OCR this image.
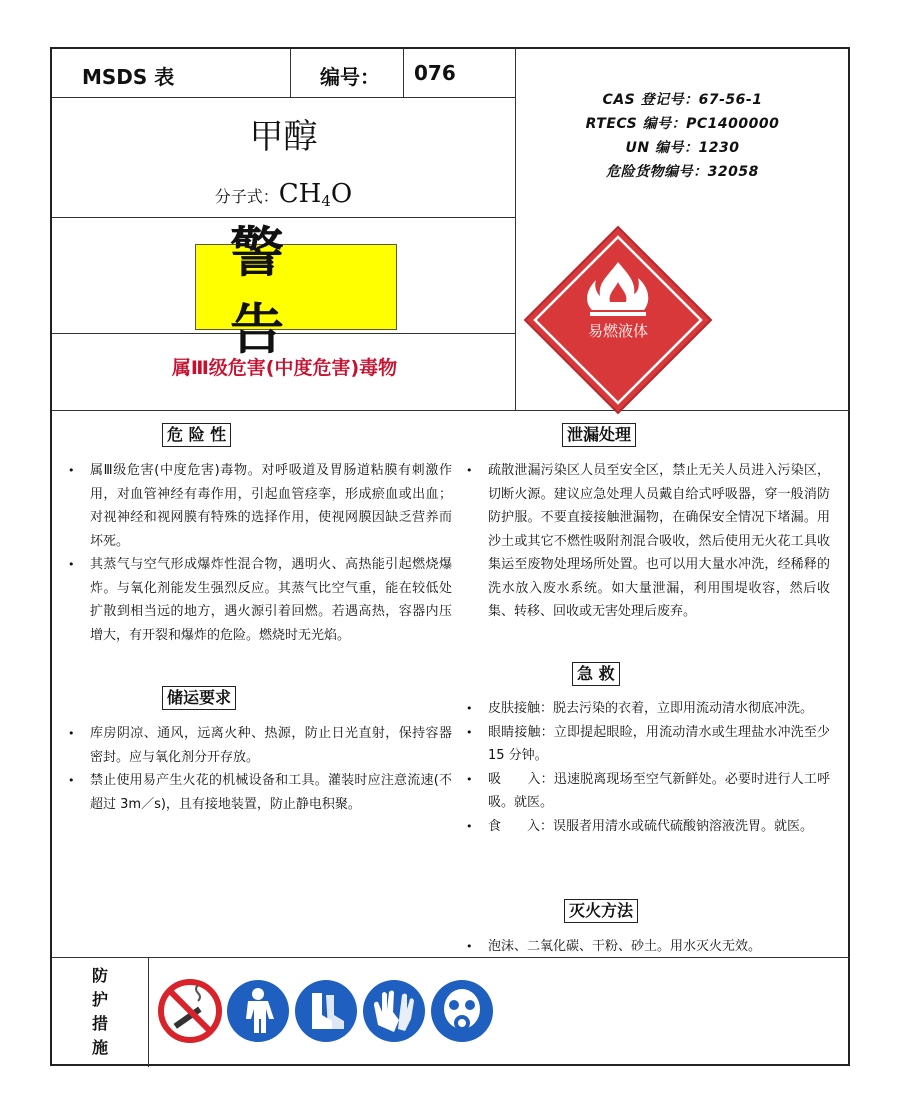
MSDS 表	编号： 076
甲醇
分子式：$CH_4O$
CAS 登记号：67-56-1
RTECS 编号：PC1400000
UN 编号：1230
危险货物编号：32058
警告
属Ⅲ级危害(中度危害)毒物
易燃液体
危 险 性
• 属Ⅲ级危害(中度危害)毒物。对呼吸道及胃肠道粘膜有刺激作用，对血管神经有毒作用，引起血管痉挛，形成瘀血或出血；对视神经和视网膜有特殊的选择作用，使视网膜因缺乏营养而坏死。
• 其蒸气与空气形成爆炸性混合物，遇明火、高热能引起燃烧爆炸。与氧化剂能发生强烈反应。其蒸气比空气重，能在较低处扩散到相当远的地方，遇火源引着回燃。若遇高热，容器内压增大，有开裂和爆炸的危险。燃烧时无光焰。
储运要求
• 库房阴凉、通风，远离火种、热源，防止日光直射，保持容器密封。应与氧化剂分开存放。
• 禁止使用易产生火花的机械设备和工具。灌装时应注意流速(不超过 3m／s)，且有接地装置，防止静电积聚。
泄漏处理
• 疏散泄漏污染区人员至安全区，禁止无关人员进入污染区，切断火源。建议应急处理人员戴自给式呼吸器，穿一般消防防护服。不要直接接触泄漏物，在确保安全情况下堵漏。用沙土或其它不燃性吸附剂混合吸收，然后使用无火花工具收集运至废物处理场所处置。也可以用大量水冲洗，经稀释的洗水放入废水系统。如大量泄漏，利用围堤收容，然后收集、转移、回收或无害处理后废弃。
急 救
• 皮肤接触：脱去污染的衣着，立即用流动清水彻底冲洗。
• 眼睛接触：立即提起眼睑，用流动清水或生理盐水冲洗至少 15 分钟。
• 吸　　入：迅速脱离现场至空气新鲜处。必要时进行人工呼吸。就医。
• 食　　入：误服者用清水或硫代硫酸钠溶液洗胃。就医。
灭火方法
• 泡沫、二氧化碳、干粉、砂土。用水灭火无效。
防
护
措
施
